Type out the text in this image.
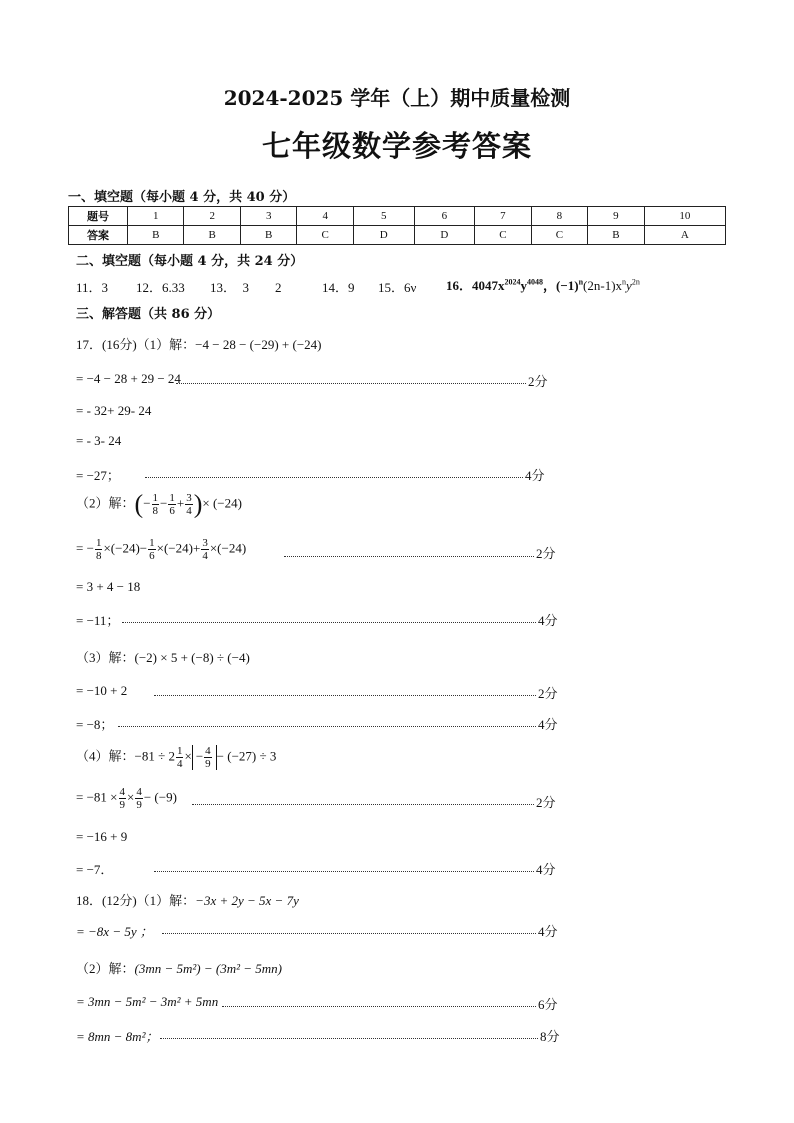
2024-2025 学年（上）期中质量检测
七年级数学参考答案
一、填空题（每小题 4 分，共 40 分）
题号	1	2	3	4	5	6	7	8	9	10
答案	B	B	B	C	D	D	C	C	B	A
二、填空题（每小题 4 分，共 24 分）
11．3 12．6.33 13．  3        2	14．9 15．6ν 16．$4047x^{2024}y^{4048}$，$(-1)^n(2n-1)x^ny^{2n}$
三、解答题（共 86 分）
17．(16分)（1）解：−4 − 28 − (−29) + (−24)
= −4 − 28 + 29 − 24	2分
= - 32+ 29- 24
= - 3- 24
= −27；	4分
（2）解：(− $\frac{1}{8} - \frac{1}{6} + \frac{3}{4}$ )× (−24)
= − $\frac{1}{8} \times(-24)- \frac{1}{6} \times(-24)+ \frac{3}{4} \times(-24)$	2分
= 3 + 4 − 18
= −11；	4分
（3）解：(−2) × 5 + (−8) ÷ (−4)
= −10 + 2	2分
= −8；	4分
（4）解：$-81 \div 2 \frac{1}{4}$ × − $\frac{4}{9} - (-27) \div 3$
= $-81 \times \frac{4}{9} \times \frac{4}{9} - (-9)$	2分
= −16 + 9
= −7．	4分
18．(12分)（1）解：−3x + 2y − 5x − 7y
= −8x − 5y ；	4分
（2）解：(3mn − 5m²) − (3m² − 5mn)
= 3mn − 5m² − 3m² + 5mn	6分
= 8mn − 8m²；	8分
